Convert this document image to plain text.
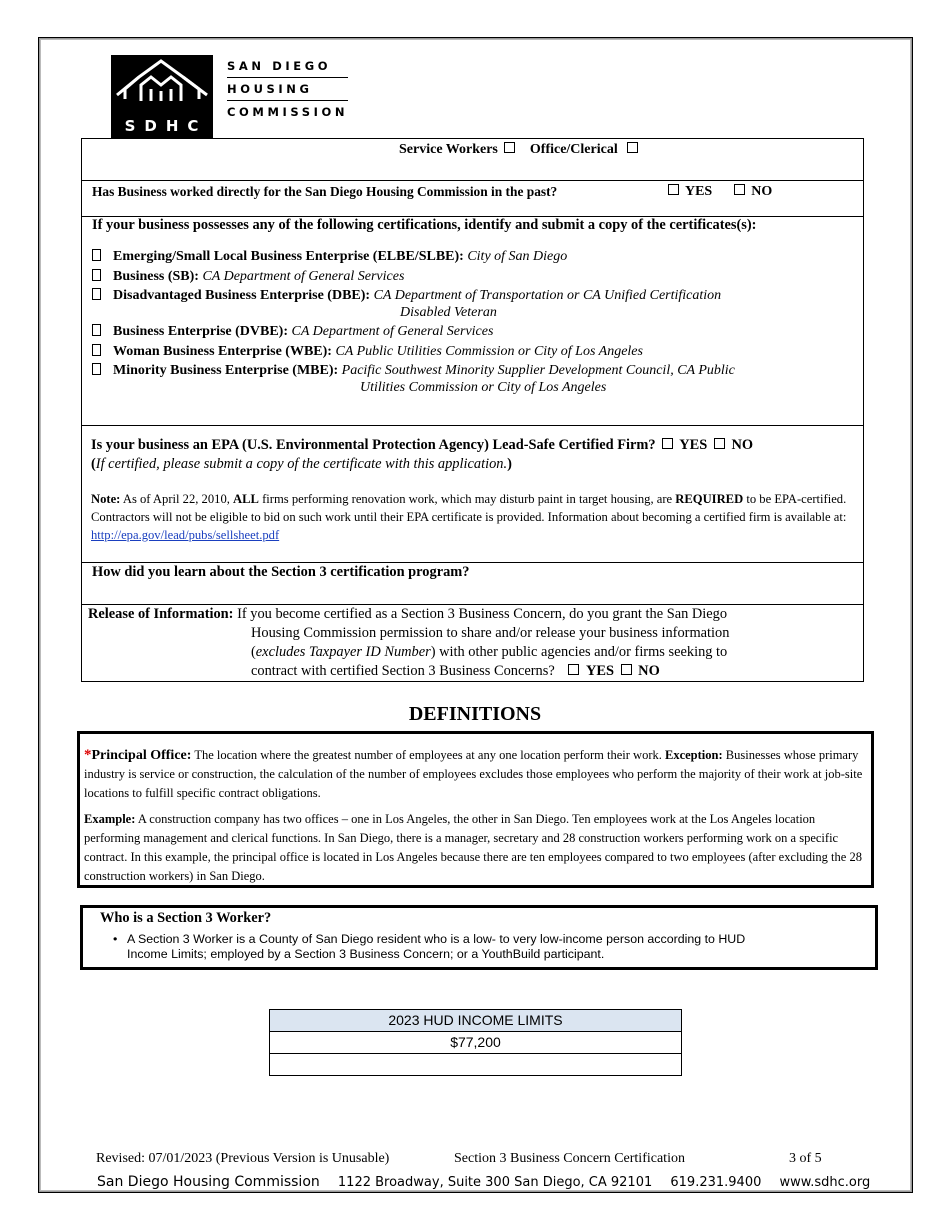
SDHC
SAN DIEGO
HOUSING
COMMISSION
Service Workers Office/Clerical
Has Business worked directly for the San Diego Housing Commission in the past?	YES	NO
If your business possesses any of the following certifications, identify and submit a copy of the certificates(s):
Emerging/Small Local Business Enterprise (ELBE/SLBE): City of San Diego
Business (SB): CA Department of General Services
Disadvantaged Business Enterprise (DBE): CA Department of Transportation or CA Unified Certification
Disabled Veteran
Business Enterprise (DVBE): CA Department of General Services
Woman Business Enterprise (WBE): CA Public Utilities Commission or City of Los Angeles
Minority Business Enterprise (MBE): Pacific Southwest Minority Supplier Development Council, CA Public
Utilities Commission or City of Los Angeles
Is your business an EPA (U.S. Environmental Protection Agency) Lead-Safe Certified Firm? YES NO
(If certified, please submit a copy of the certificate with this application.)
Note: As of April 22, 2010, ALL firms performing renovation work, which may disturb paint in target housing, are REQUIRED to be EPA-certified. Contractors will not be eligible to bid on such work until their EPA certificate is provided. Information about becoming a certified firm is available at: http://epa.gov/lead/pubs/sellsheet.pdf
How did you learn about the Section 3 certification program?
Release of Information: If you become certified as a Section 3 Business Concern, do you grant the San Diego
Housing Commission permission to share and/or release your business information
(excludes Taxpayer ID Number) with other public agencies and/or firms seeking to
contract with certified Section 3 Business Concerns? YES NO
DEFINITIONS
*Principal Office: The location where the greatest number of employees at any one location perform their work. Exception: Businesses whose primary industry is service or construction, the calculation of the number of employees excludes those employees who perform the majority of their work at job-site locations to fulfill specific contract obligations.
Example: A construction company has two offices – one in Los Angeles, the other in San Diego. Ten employees work at the Los Angeles location performing management and clerical functions. In San Diego, there is a manager, secretary and 28 construction workers performing work on a specific contract. In this example, the principal office is located in Los Angeles because there are ten employees compared to two employees (after excluding the 28 construction workers) in San Diego.
Who is a Section 3 Worker?
• A Section 3 Worker is a County of San Diego resident who is a low- to very low-income person according to HUD
Income Limits; employed by a Section 3 Business Concern; or a YouthBuild participant.
2023 HUD INCOME LIMITS
$77,200
Revised: 07/01/2023 (Previous Version is Unusable)	Section 3 Business Concern Certification	3 of 5
San Diego Housing Commission 1122 Broadway, Suite 300 San Diego, CA 92101 619.231.9400 www.sdhc.org
